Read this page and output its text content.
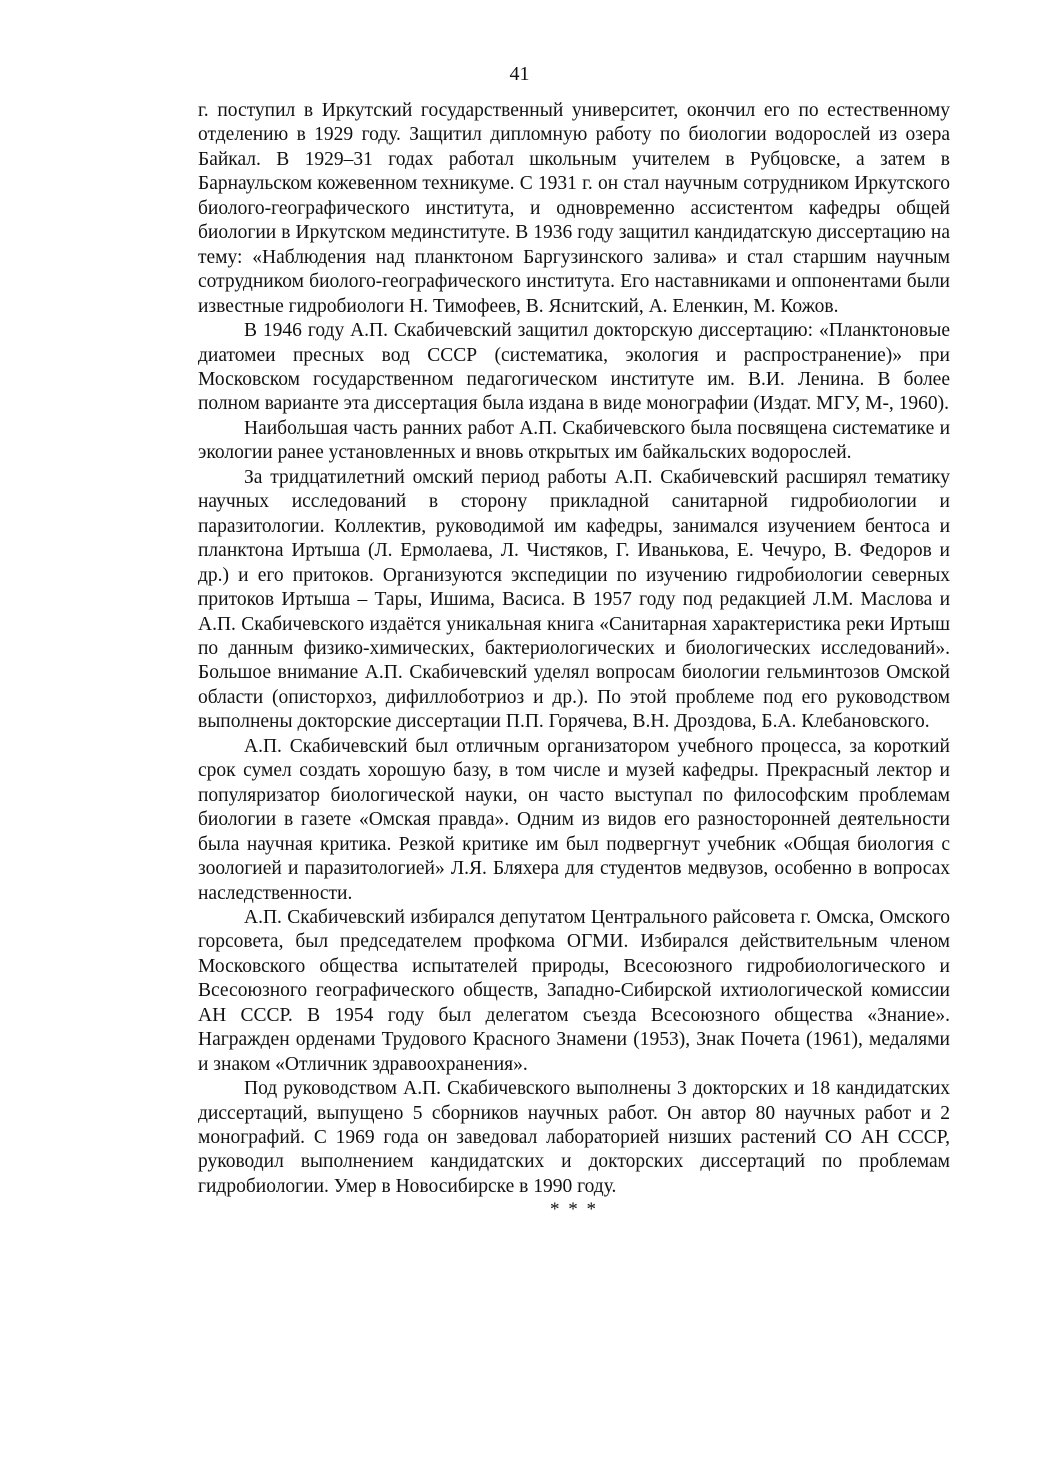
41

г. поступил в Иркутский государственный университет, окончил его по естественному отделению в 1929 году. Защитил дипломную работу по биологии водорослей из озера Байкал. В 1929–31 годах работал школьным учителем в Рубцовске, а затем в Барнаульском кожевенном техникуме. С 1931 г. он стал научным сотрудником Иркутского биолого-географического института, и одновременно ассистентом кафедры общей биологии в Иркутском мединституте. В 1936 году защитил кандидатскую диссертацию на тему: «Наблюдения над планктоном Баргузинского залива» и стал старшим научным сотрудником биолого-географического института. Его наставниками и оппонентами были известные гидробиологи Н. Тимофеев, В. Яснитский, А. Еленкин, М. Кожов.

В 1946 году А.П. Скабичевский защитил докторскую диссертацию: «Планктоновые диатомеи пресных вод СССР (систематика, экология и распространение)» при Московском государственном педагогическом институте им. В.И. Ленина. В более полном варианте эта диссертация была издана в виде монографии (Издат. МГУ, М-, 1960).

Наибольшая часть ранних работ А.П. Скабичевского была посвящена систематике и экологии ранее установленных и вновь открытых им байкальских водорослей.

За тридцатилетний омский период работы А.П. Скабичевский расширял тематику научных исследований в сторону прикладной санитарной гидробиологии и паразитологии. Коллектив, руководимой им кафедры, занимался изучением бентоса и планктона Иртыша (Л. Ермолаева, Л. Чистяков, Г. Иванькова, Е. Чечуро, В. Федоров и др.) и его притоков. Организуются экспедиции по изучению гидробиологии северных притоков Иртыша – Тары, Ишима, Васиса. В 1957 году под редакцией Л.М. Маслова и А.П. Скабичевского издаётся уникальная книга «Санитарная характеристика реки Иртыш по данным физико-химических, бактериологических и биологических исследований». Большое внимание А.П. Скабичевский уделял вопросам биологии гельминтозов Омской области (описторхоз, дифиллоботриоз и др.). По этой проблеме под его руководством выполнены докторские диссертации П.П. Горячева, В.Н. Дроздова, Б.А. Клебановского.

А.П. Скабичевский был отличным организатором учебного процесса, за короткий срок сумел создать хорошую базу, в том числе и музей кафедры. Прекрасный лектор и популяризатор биологической науки, он часто выступал по философским проблемам биологии в газете «Омская правда». Одним из видов его разносторонней деятельности была научная критика. Резкой критике им был подвергнут учебник «Общая биология с зоологией и паразитологией» Л.Я. Бляхера для студентов медвузов, особенно в вопросах наследственности.

А.П. Скабичевский избирался депутатом Центрального райсовета г. Омска, Омского горсовета, был председателем профкома ОГМИ. Избирался действительным членом Московского общества испытателей природы, Всесоюзного гидробиологического и Всесоюзного географического обществ, Западно-Сибирской ихтиологической комиссии АН СССР. В 1954 году был делегатом съезда Всесоюзного общества «Знание». Награжден орденами Трудового Красного Знамени (1953), Знак Почета (1961), медалями и знаком «Отличник здравоохранения».

Под руководством А.П. Скабичевского выполнены 3 докторских и 18 кандидатских диссертаций, выпущено 5 сборников научных работ. Он автор 80 научных работ и 2 монографий. С 1969 года он заведовал лабораторией низших растений СО АН СССР, руководил выполнением кандидатских и докторских диссертаций по проблемам гидробиологии. Умер в Новосибирске в 1990 году.

* * *
